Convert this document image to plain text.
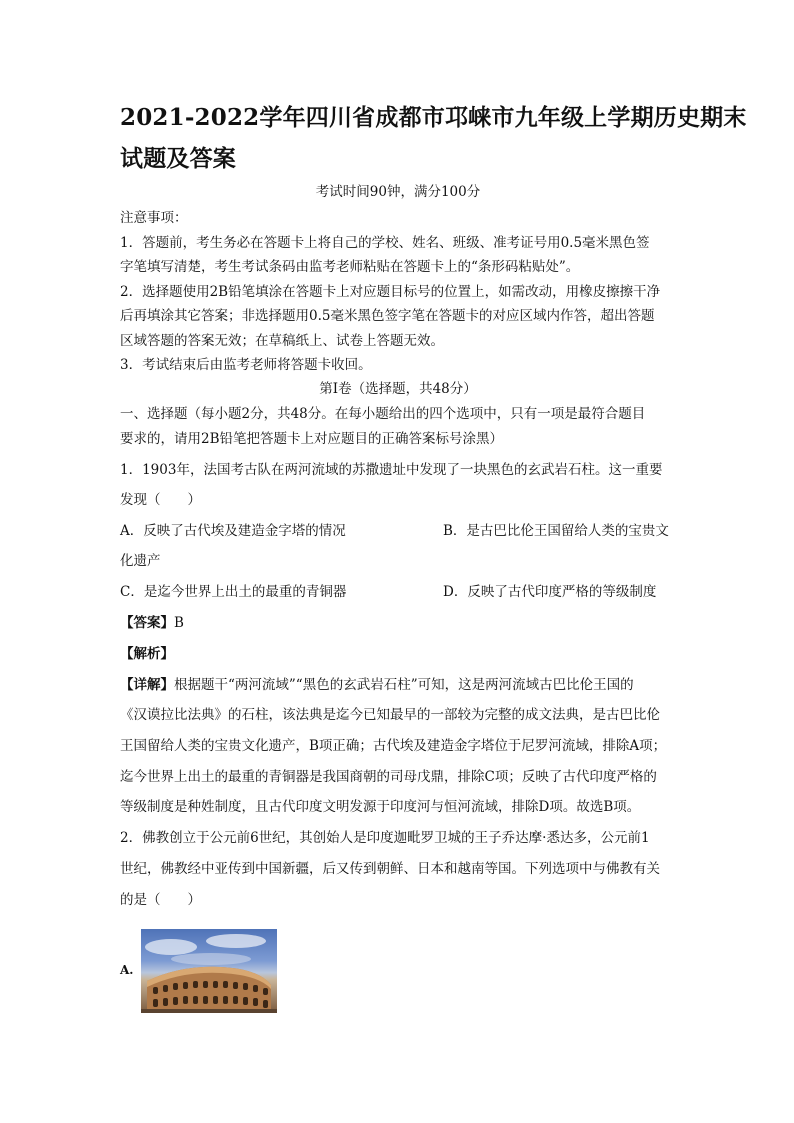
2021-2022学年四川省成都市邛崃市九年级上学期历史期末
试题及答案
考试时间90钟，满分100分
注意事项：
1．答题前，考生务必在答题卡上将自己的学校、姓名、班级、准考证号用0.5毫米黑色签
字笔填写清楚，考生考试条码由监考老师粘贴在答题卡上的“条形码粘贴处”。
2．选择题使用2B铅笔填涂在答题卡上对应题目标号的位置上，如需改动，用橡皮擦擦干净
后再填涂其它答案；非选择题用0.5毫米黑色签字笔在答题卡的对应区域内作答，超出答题
区域答题的答案无效；在草稿纸上、试卷上答题无效。
3．考试结束后由监考老师将答题卡收回。
第Ⅰ卷（选择题，共48分）
一、选择题（每小题2分，共48分。在每小题给出的四个选项中，只有一项是最符合题目
要求的，请用2B铅笔把答题卡上对应题目的正确答案标号涂黑）
1．1903年，法国考古队在两河流域的苏撒遗址中发现了一块黑色的玄武岩石柱。这一重要
发现（　　）
A．反映了古代埃及建造金字塔的情况	B．是古巴比伦王国留给人类的宝贵文
化遗产
C．是迄今世界上出土的最重的青铜器	D．反映了古代印度严格的等级制度
【答案】B
【解析】
【详解】根据题干“两河流域”“黑色的玄武岩石柱”可知，这是两河流域古巴比伦王国的
《汉谟拉比法典》的石柱，该法典是迄今已知最早的一部较为完整的成文法典，是古巴比伦
王国留给人类的宝贵文化遗产，B项正确；古代埃及建造金字塔位于尼罗河流域，排除A项；
迄今世界上出土的最重的青铜器是我国商朝的司母戊鼎，排除C项；反映了古代印度严格的
等级制度是种姓制度，且古代印度文明发源于印度河与恒河流域，排除D项。故选B项。
2．佛教创立于公元前6世纪，其创始人是印度迦毗罗卫城的王子乔达摩·悉达多，公元前1
世纪，佛教经中亚传到中国新疆，后又传到朝鲜、日本和越南等国。下列选项中与佛教有关
的是（　　）
A.
